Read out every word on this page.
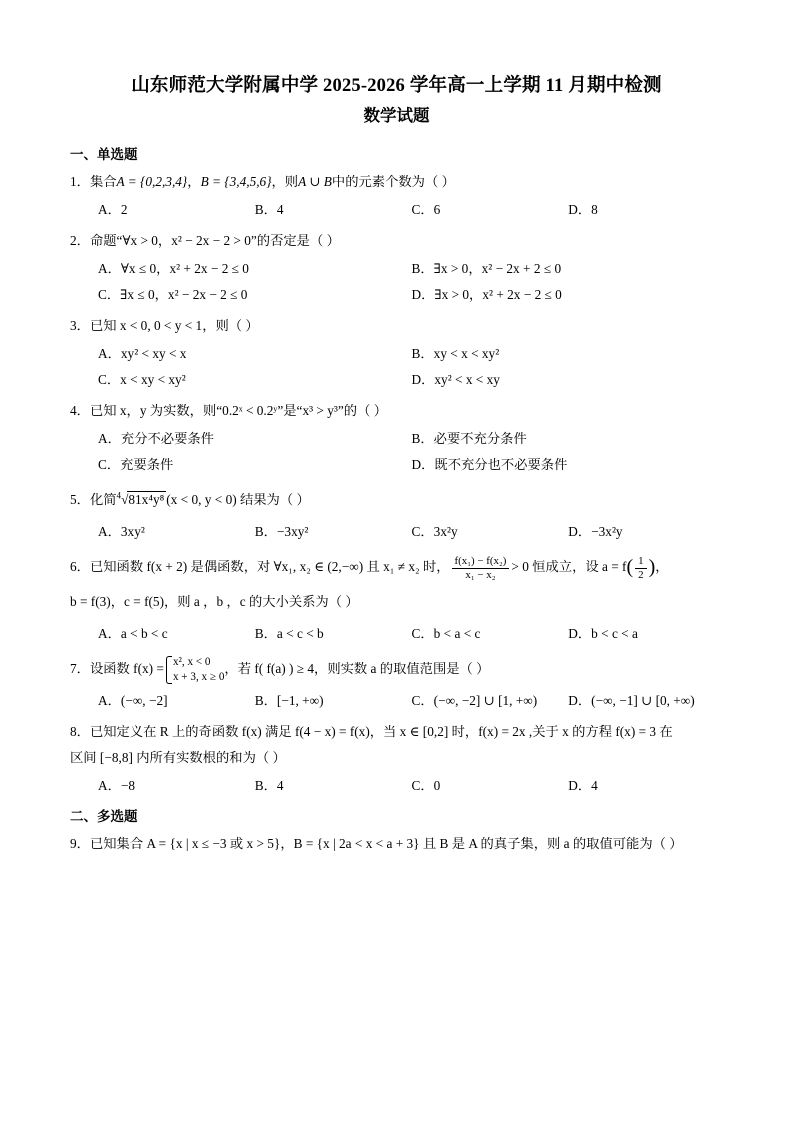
山东师范大学附属中学 2025-2026 学年高一上学期 11 月期中检测
数学试题
一、单选题
1．集合A = {0,2,3,4}，B = {3,4,5,6}，则A ∪ B中的元素个数为（ ）
A．2	B．4	C．6	D．8
2．命题“∀x > 0，x² − 2x − 2 > 0”的否定是（ ）
A．∀x ≤ 0，x² + 2x − 2 ≤ 0	B．∃x > 0，x² − 2x + 2 ≤ 0
C．∃x ≤ 0，x² − 2x − 2 ≤ 0	D．∃x > 0，x² + 2x − 2 ≤ 0
3．已知 x < 0, 0 < y < 1，则（ ）
A．xy² < xy < x	B．xy < x < xy²
C．x < xy < xy²	D．xy² < x < xy
4．已知 x，y 为实数，则“0.2ˣ < 0.2ʸ”是“x³ > y³”的（ ）
A．充分不必要条件	B．必要不充分条件
C．充要条件	D．既不充分也不必要条件
5．化简$^4$√81x⁴y⁸ (x < 0, y < 0) 结果为（ ）
A．3xy²	B．−3xy²	C．3x²y	D．−3x²y
6．已知函数 f(x + 2) 是偶函数，对 ∀x₁, x₂ ∈ (2,−∞) 且 x₁ ≠ x₂ 时， $\frac{\text{f(x₁) − f(x₂)}}{\text{x₁ − x₂}} > 0$ 恒成立，设 $a = f( \frac{1}{2}$ )，
b = f(3)，c = f(5)，则 a ，b ，c 的大小关系为（ ）
A．a < b < c	B．a < c < b	C．b < a < c	D．b < c < a
7．设函数 f(x) = x², x < 0
x + 3, x ≥ 0，若 f( f(a) ) ≥ 4，则实数 a 的取值范围是（ ）
A．(−∞, −2]	B．[−1, +∞)	C．(−∞, −2] ∪ [1, +∞)	D．(−∞, −1] ∪ [0, +∞)
8．已知定义在 R 上的奇函数 f(x) 满足 f(4 − x) = f(x)，当 x ∈ [0,2] 时，f(x) = 2x ,关于 x 的方程 f(x) = 3 在
区间 [−8,8] 内所有实数根的和为（ ）
A．−8	B．4	C．0	D．4
二、多选题
9．已知集合 A = {x | x ≤ −3 或 x > 5}，B = {x | 2a < x < a + 3} 且 B 是 A 的真子集，则 a 的取值可能为（ ）
